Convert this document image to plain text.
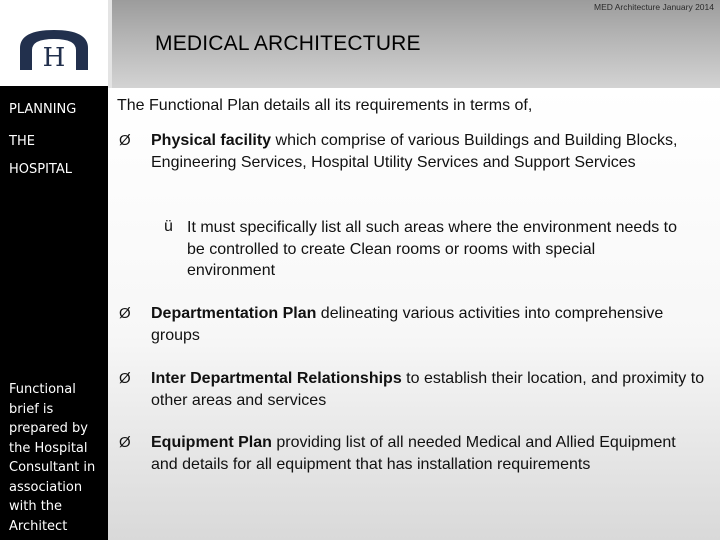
MED Architecture January 2014
MEDICAL ARCHITECTURE
H
PLANNING
THE
HOSPITAL
Functional brief is prepared by the Hospital Consultant in association with the Architect
The Functional Plan details all its requirements in terms of,
Ø Physical facility which comprise of various Buildings and Building Blocks, Engineering Services, Hospital Utility Services and Support Services
ü It must specifically list all such areas where the environment needs to be controlled to create Clean rooms or rooms with special environment
Ø Departmentation Plan delineating various activities into comprehensive groups
Ø Inter Departmental Relationships to establish their location, and proximity to other areas and services
Ø Equipment Plan providing list of all needed Medical and Allied Equipment and details for all equipment that has installation requirements
